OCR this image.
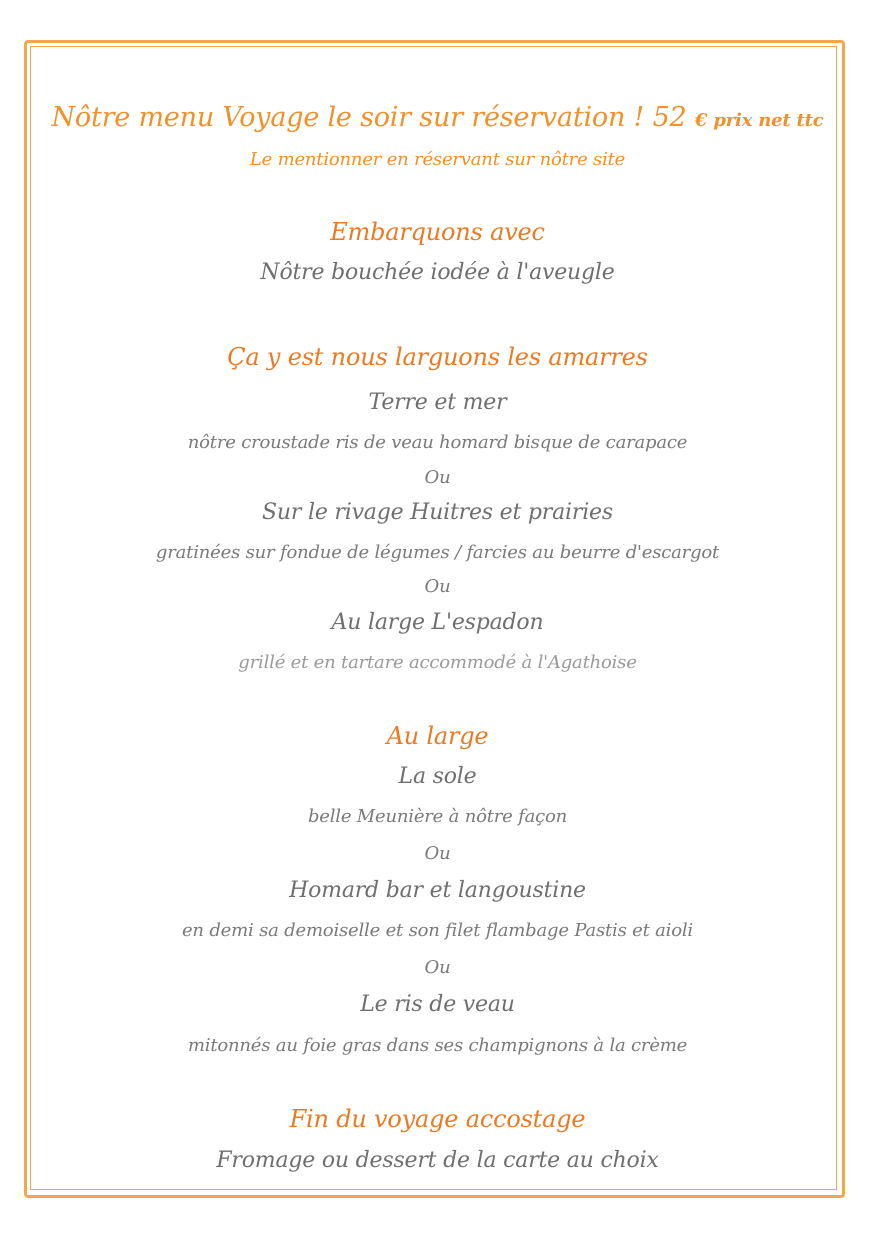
Nôtre menu Voyage le soir sur réservation ! 52 € prix net ttc
Le mentionner en réservant sur nôtre site
Embarquons avec
Nôtre bouchée iodée à l'aveugle
Ça y est nous larguons les amarres
Terre et mer
nôtre croustade ris de veau homard bisque de carapace
Ou
Sur le rivage Huitres et prairies
gratinées sur fondue de légumes / farcies au beurre d'escargot
Ou
Au large L'espadon
grillé et en tartare accommodé à l'Agathoise
Au large
La sole
belle Meunière à nôtre façon
Ou
Homard bar et langoustine
en demi sa demoiselle et son filet flambage Pastis et aioli
Ou
Le ris de veau
mitonnés au foie gras dans ses champignons à la crème
Fin du voyage accostage
Fromage ou dessert de la carte au choix
